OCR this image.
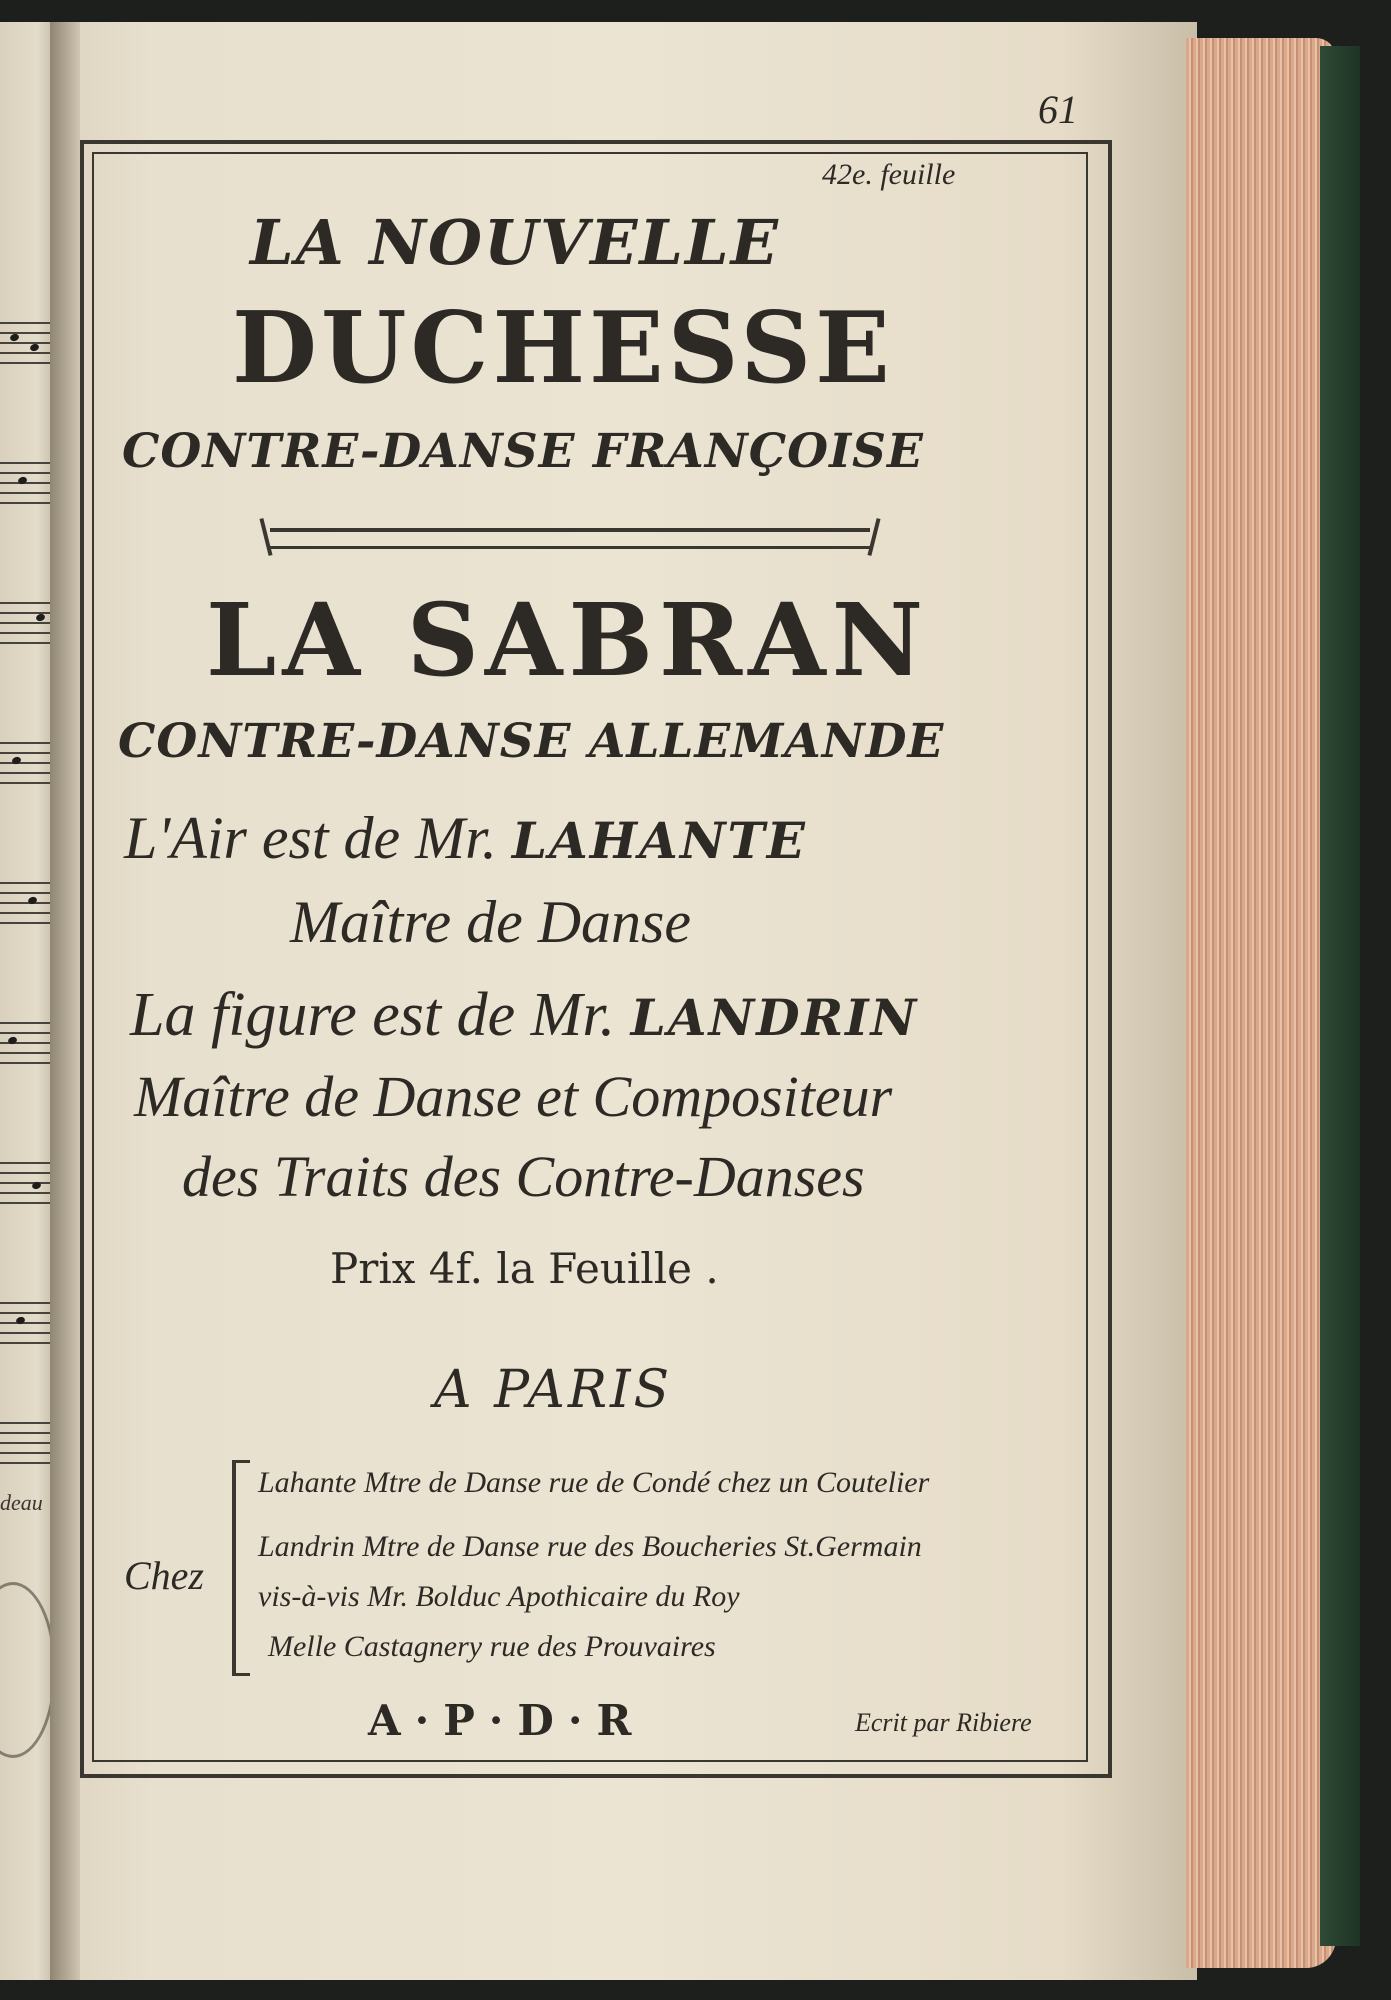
deau

61

42e. feuille

LA NOUVELLE

DUCHESSE

CONTRE-DANSE FRANÇOISE

LA SABRAN

CONTRE-DANSE ALLEMANDE

L'Air est de Mr. LAHANTE

Maître de Danse

La figure est de Mr. LANDRIN

Maître de Danse et Compositeur

des Traits des Contre-Danses

Prix 4f. la Feuille .

A PARIS

Chez

Lahante Mtre de Danse rue de Condé chez un Coutelier

Landrin Mtre de Danse rue des Boucheries St.Germain

vis-à-vis Mr. Bolduc Apothicaire du Roy

Melle Castagnery rue des Prouvaires

A·P·D·R	Ecrit par Ribiere
